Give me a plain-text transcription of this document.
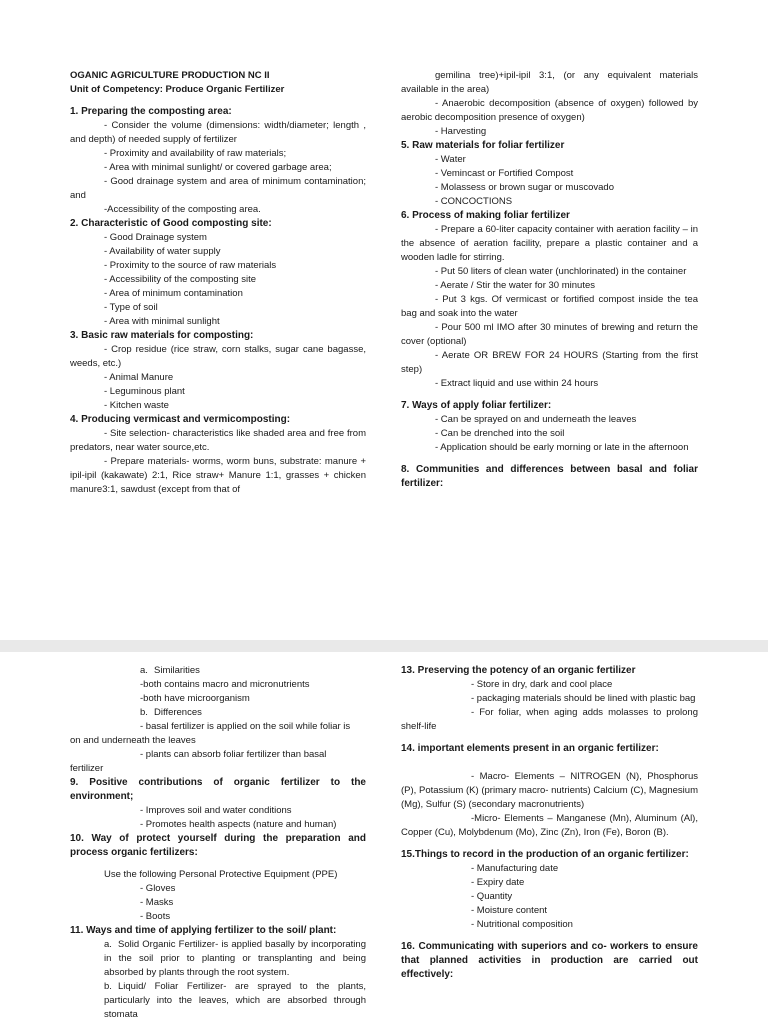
OGANIC AGRICULTURE PRODUCTION NC II
Unit of Competency: Produce Organic Fertilizer
1. Preparing the composting area:
- Consider the volume (dimensions: width/diameter; length , and depth) of needed supply of fertilizer
- Proximity and availability of raw materials;
- Area with minimal sunlight/ or covered garbage area;
- Good drainage system and area of minimum contamination; and
-Accessibility of the composting area.
2. Characteristic of Good composting site:
- Good Drainage system
- Availability of water supply
- Proximity to the source of raw materials
- Accessibility of the composting site
- Area of minimum contamination
- Type of soil
- Area with minimal sunlight
3. Basic raw materials for composting:
- Crop residue (rice straw, corn stalks, sugar cane bagasse, weeds, etc.)
- Animal Manure
- Leguminous plant
- Kitchen waste
4. Producing vermicast and vermicomposting:
- Site selection- characteristics like shaded area and free from predators, near water source,etc.
- Prepare materials- worms, worm buns, substrate: manure + ipil-ipil (kakawate) 2:1, Rice straw+ Manure 1:1, grasses + chicken manure3:1, sawdust (except from that of
gemilina tree)+ipil-ipil 3:1, (or any equivalent materials available in the area)
- Anaerobic decomposition (absence of oxygen) followed by aerobic decomposition presence of oxygen)
- Harvesting
5. Raw materials for foliar fertilizer
- Water
- Vemincast or Fortified Compost
- Molassess or brown sugar or muscovado
- CONCOCTIONS
6. Process of making foliar fertilizer
- Prepare a 60-liter capacity container with aeration facility – in the absence of aeration facility, prepare a plastic container and a wooden ladle for stirring.
- Put 50 liters of clean water (unchlorinated) in the container
- Aerate / Stir the water for 30 minutes
- Put 3 kgs. Of vermicast or fortified compost inside the tea bag and soak into the water
- Pour 500 ml IMO after 30 minutes of brewing and return the cover (optional)
- Aerate OR BREW FOR 24 HOURS (Starting from the first step)
- Extract liquid and use within 24 hours
7. Ways of apply foliar fertilizer:
- Can be sprayed on and underneath the leaves
- Can be drenched into the soil
- Application should be early morning or late in the afternoon
8. Communities and differences between basal and foliar fertilizer:
a. Similarities
-both contains macro and micronutrients
-both have microorganism
b. Differences
- basal fertilizer is applied on the soil while foliar is
on and underneath the leaves
- plants can absorb foliar fertilizer than basal
fertilizer
9. Positive contributions of organic fertilizer to the environment;
- Improves soil and water conditions
- Promotes health aspects (nature and human)
10. Way of protect yourself during the preparation and process organic fertilizers:
Use the following Personal Protective Equipment (PPE)
- Gloves
- Masks
- Boots
11. Ways and time of applying fertilizer to the soil/ plant:
a. Solid Organic Fertilizer- is applied basally by incorporating in the soil prior to planting or transplanting and being absorbed by plants through the root system.
b. Liquid/ Foliar Fertilizer- are sprayed to the plants, particularly into the leaves, which are absorbed through stomata
13. Preserving the potency of an organic fertilizer
- Store in dry, dark and cool place
- packaging materials should be lined with plastic bag
- For foliar, when aging adds molasses to prolong shelf-life
14. important elements present in an organic fertilizer:
- Macro- Elements – NITROGEN (N), Phosphorus (P), Potassium (K) (primary macro- nutrients) Calcium (C), Magnesium (Mg), Sulfur (S) (secondary macronutrients)
-Micro- Elements – Manganese (Mn), Aluminum (Al), Copper (Cu), Molybdenum (Mo), Zinc (Zn), Iron (Fe), Boron (B).
15.Things to record in the production of an organic fertilizer:
- Manufacturing date
- Expiry date
- Quantity
- Moisture content
- Nutritional composition
16. Communicating with superiors and co- workers to ensure that planned activities in production are carried out effectively:
